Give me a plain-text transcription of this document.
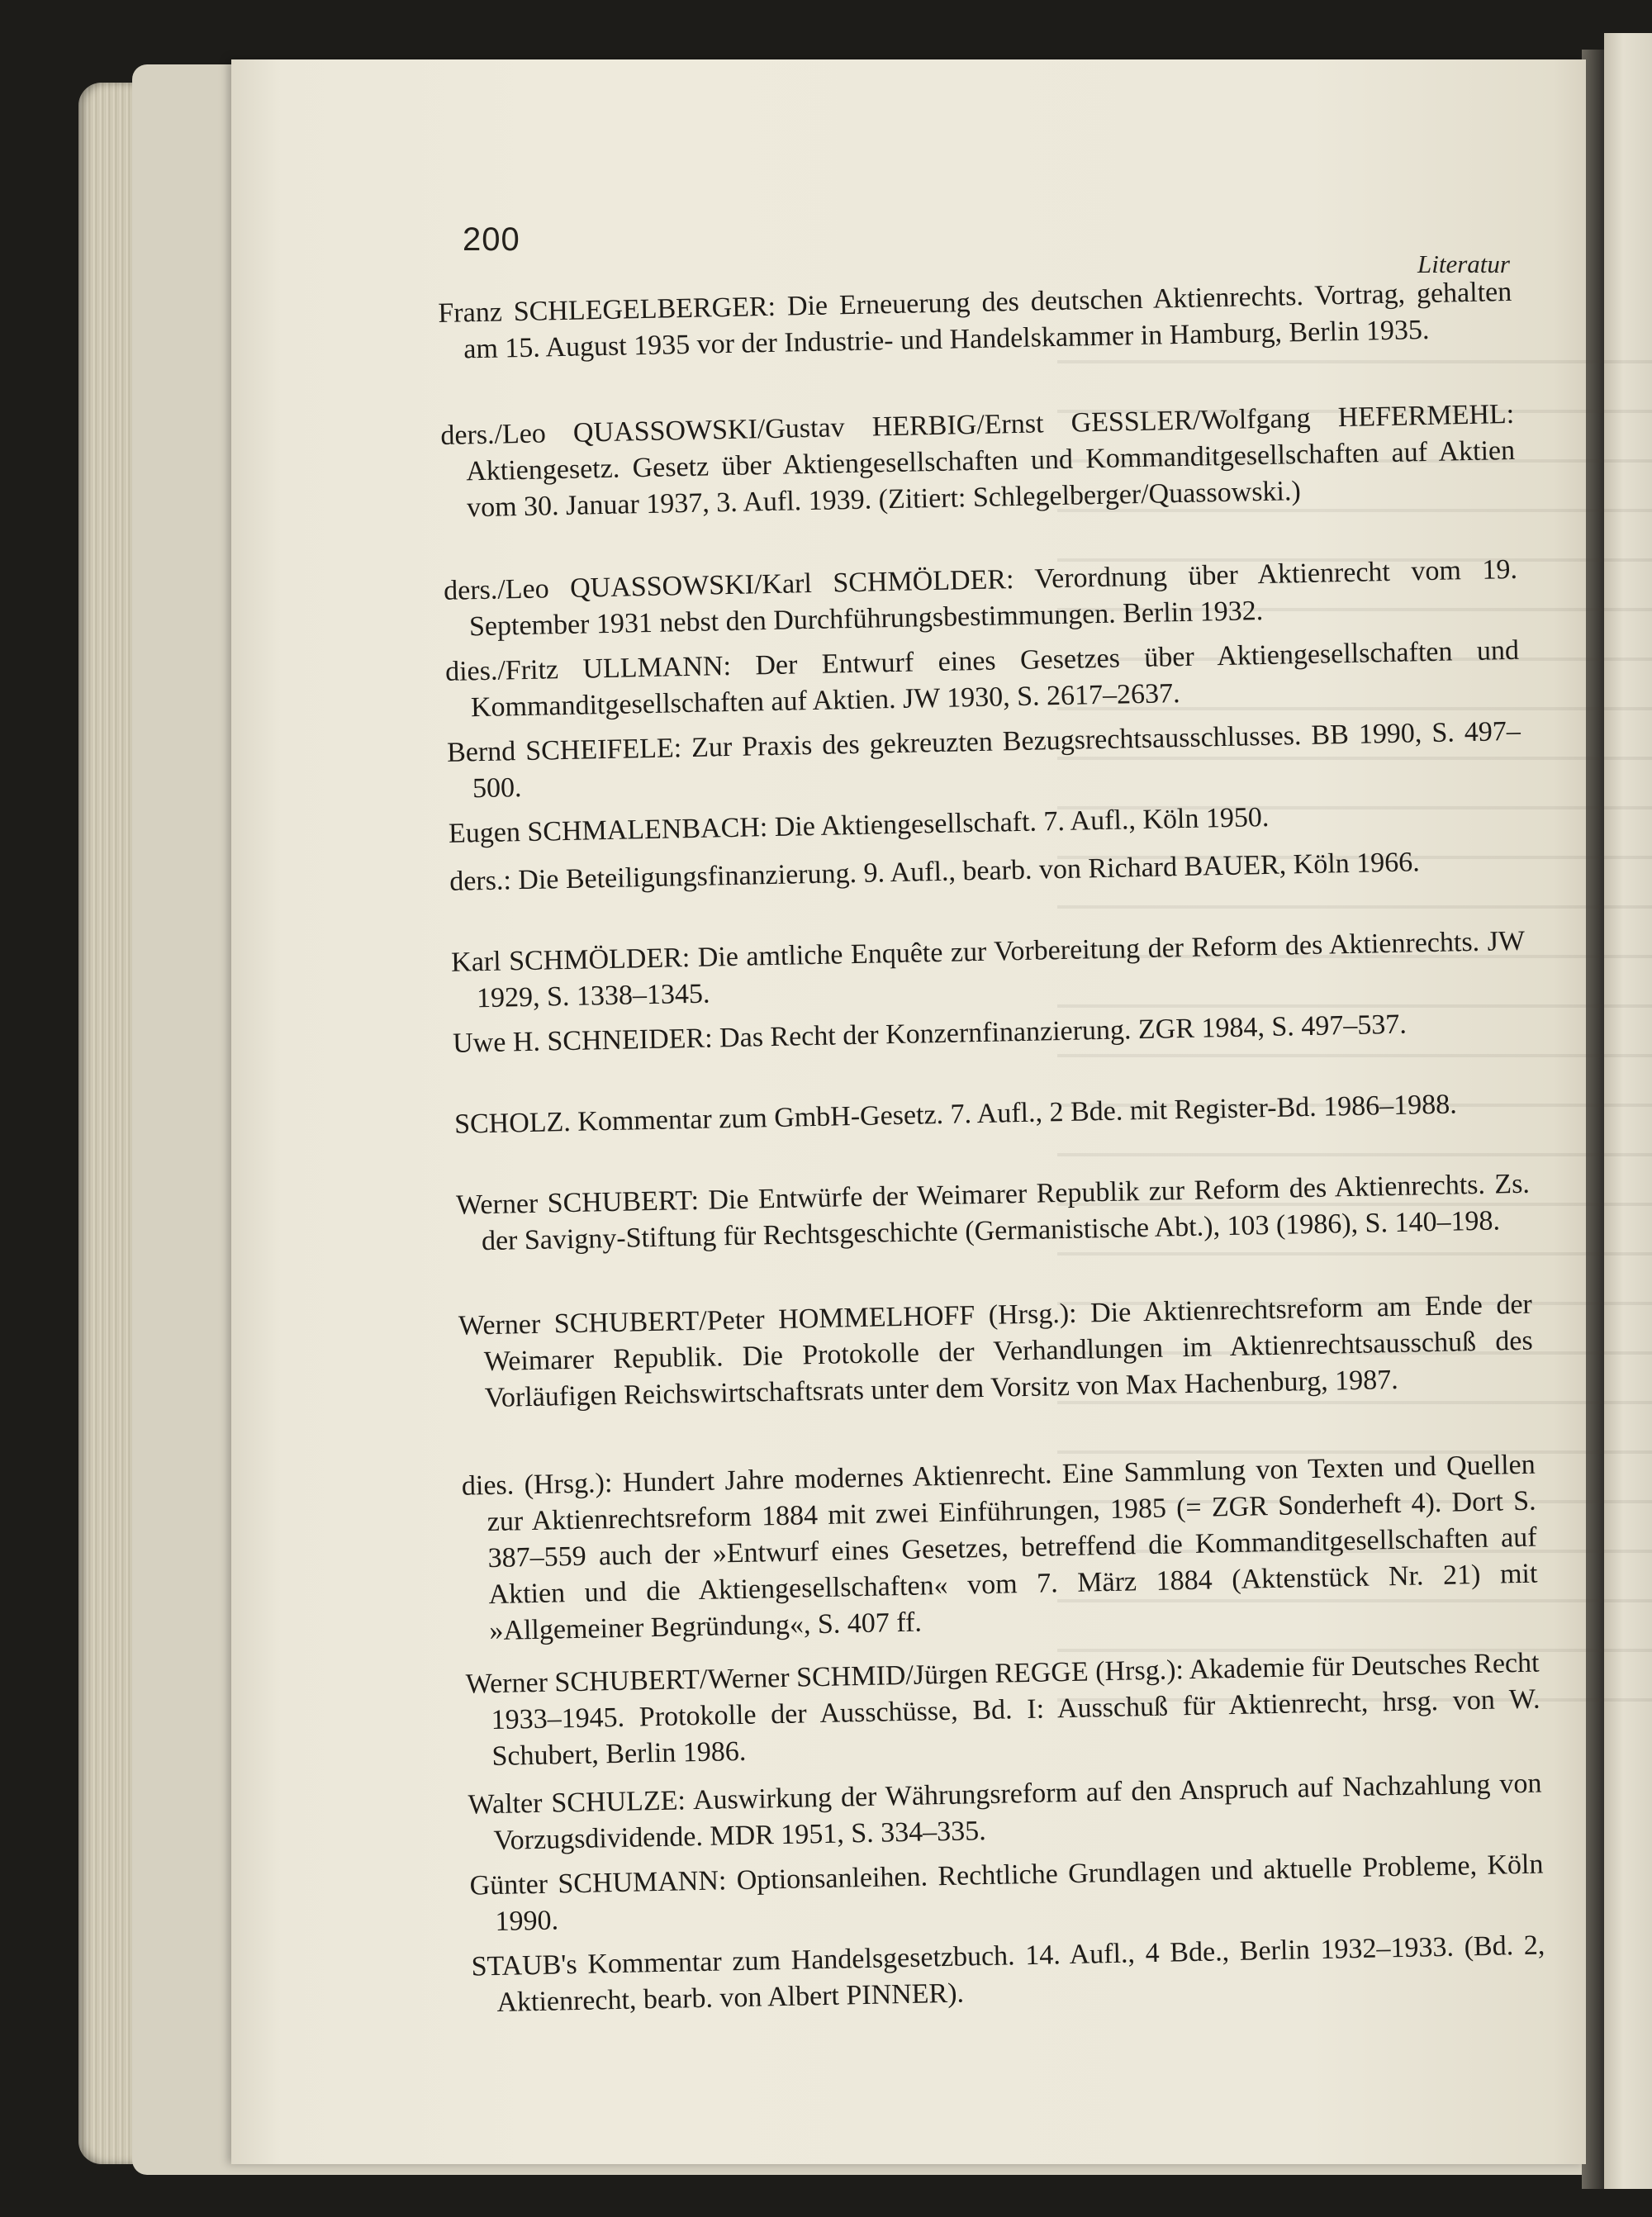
200

Literatur

Franz SCHLEGELBERGER: Die Erneuerung des deutschen Aktienrechts. Vortrag, gehalten am 15. August 1935 vor der Industrie- und Handelskammer in Hamburg, Berlin 1935.
ders./Leo QUASSOWSKI/Gustav HERBIG/Ernst GESSLER/Wolfgang HEFERMEHL: Aktiengesetz. Gesetz über Aktiengesellschaften und Kommanditgesellschaften auf Aktien vom 30. Januar 1937, 3. Aufl. 1939. (Zitiert: Schlegelberger/Quassowski.)
ders./Leo QUASSOWSKI/Karl SCHMÖLDER: Verordnung über Aktienrecht vom 19. September 1931 nebst den Durchführungsbestimmungen. Berlin 1932.
dies./Fritz ULLMANN: Der Entwurf eines Gesetzes über Aktiengesellschaften und Kommanditgesellschaften auf Aktien. JW 1930, S. 2617–2637.
Bernd SCHEIFELE: Zur Praxis des gekreuzten Bezugsrechtsausschlusses. BB 1990, S. 497–500.
Eugen SCHMALENBACH: Die Aktiengesellschaft. 7. Aufl., Köln 1950.
ders.: Die Beteiligungsfinanzierung. 9. Aufl., bearb. von Richard BAUER, Köln 1966.
Karl SCHMÖLDER: Die amtliche Enquête zur Vorbereitung der Reform des Aktienrechts. JW 1929, S. 1338–1345.
Uwe H. SCHNEIDER: Das Recht der Konzernfinanzierung. ZGR 1984, S. 497–537.
SCHOLZ. Kommentar zum GmbH-Gesetz. 7. Aufl., 2 Bde. mit Register-Bd. 1986–1988.
Werner SCHUBERT: Die Entwürfe der Weimarer Republik zur Reform des Aktienrechts. Zs. der Savigny-Stiftung für Rechtsgeschichte (Germanistische Abt.), 103 (1986), S. 140–198.
Werner SCHUBERT/Peter HOMMELHOFF (Hrsg.): Die Aktienrechtsreform am Ende der Weimarer Republik. Die Protokolle der Verhandlungen im Aktienrechtsausschuß des Vorläufigen Reichswirtschaftsrats unter dem Vorsitz von Max Hachenburg, 1987.
dies. (Hrsg.): Hundert Jahre modernes Aktienrecht. Eine Sammlung von Texten und Quellen zur Aktienrechtsreform 1884 mit zwei Einführungen, 1985 (= ZGR Sonderheft 4). Dort S. 387–559 auch der »Entwurf eines Gesetzes, betreffend die Kommanditgesellschaften auf Aktien und die Aktiengesellschaften« vom 7. März 1884 (Aktenstück Nr. 21) mit »Allgemeiner Begründung«, S. 407 ff.
Werner SCHUBERT/Werner SCHMID/Jürgen REGGE (Hrsg.): Akademie für Deutsches Recht 1933–1945. Protokolle der Ausschüsse, Bd. I: Ausschuß für Aktienrecht, hrsg. von W. Schubert, Berlin 1986.
Walter SCHULZE: Auswirkung der Währungsreform auf den Anspruch auf Nachzahlung von Vorzugsdividende. MDR 1951, S. 334–335.
Günter SCHUMANN: Optionsanleihen. Rechtliche Grundlagen und aktuelle Probleme, Köln 1990.
STAUB's Kommentar zum Handelsgesetzbuch. 14. Aufl., 4 Bde., Berlin 1932–1933. (Bd. 2, Aktienrecht, bearb. von Albert PINNER).
